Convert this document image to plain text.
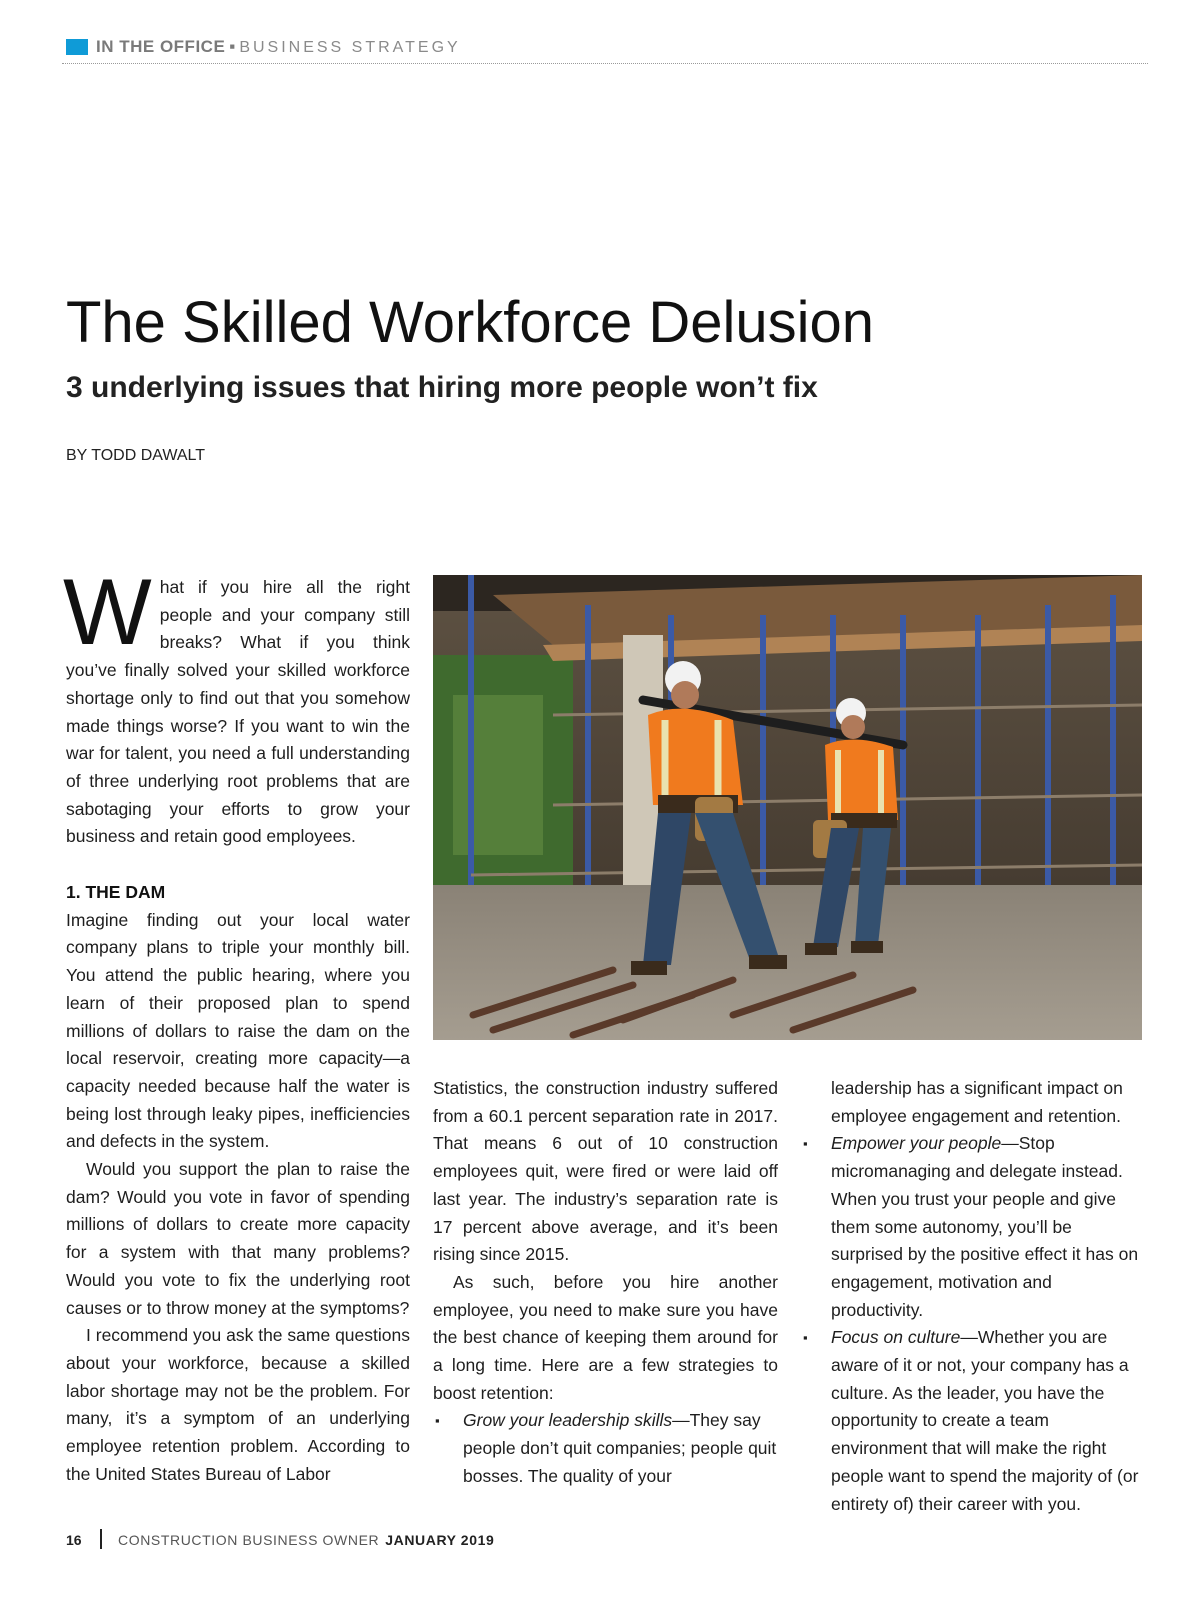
IN THE OFFICE ▪ BUSINESS STRATEGY
The Skilled Workforce Delusion
3 underlying issues that hiring more people won’t fix
BY TODD DAWALT

What if you hire all the right people and your company still breaks? What if you think you’ve finally solved your skilled workforce shortage only to find out that you somehow made things worse? If you want to win the war for talent, you need a full understanding of three underlying root problems that are sabotaging your efforts to grow your business and retain good employees.

1. THE DAM

Imagine finding out your local water company plans to triple your monthly bill. You attend the public hearing, where you learn of their proposed plan to spend millions of dollars to raise the dam on the local reservoir, creating more capacity—a capacity needed because half the water is being lost through leaky pipes, inefficiencies and defects in the system.

Would you support the plan to raise the dam? Would you vote in favor of spending millions of dollars to create more capacity for a system with that many problems? Would you vote to fix the underlying root causes or to throw money at the symptoms?

I recommend you ask the same questions about your workforce, because a skilled labor shortage may not be the problem. For many, it’s a symptom of an underlying employee retention problem. According to the United States Bureau of Labor

Statistics, the construction industry suffered from a 60.1 percent separation rate in 2017. That means 6 out of 10 construction employees quit, were fired or were laid off last year. The industry’s separation rate is 17 percent above average, and it’s been rising since 2015.

As such, before you hire another employee, you need to make sure you have the best chance of keeping them around for a long time. Here are a few strategies to boost retention:

▪ Grow your leadership skills—They say people don’t quit companies; people quit bosses. The quality of your
leadership has a significant impact on employee engagement and retention.
▪ Empower your people—Stop micromanaging and delegate instead. When you trust your people and give them some autonomy, you’ll be surprised by the positive effect it has on engagement, motivation and productivity.
▪ Focus on culture—Whether you are aware of it or not, your company has a culture. As the leader, you have the opportunity to create a team environment that will make the right people want to spend the majority of (or entirety of) their career with you.
16	CONSTRUCTION BUSINESS OWNER JANUARY 2019
